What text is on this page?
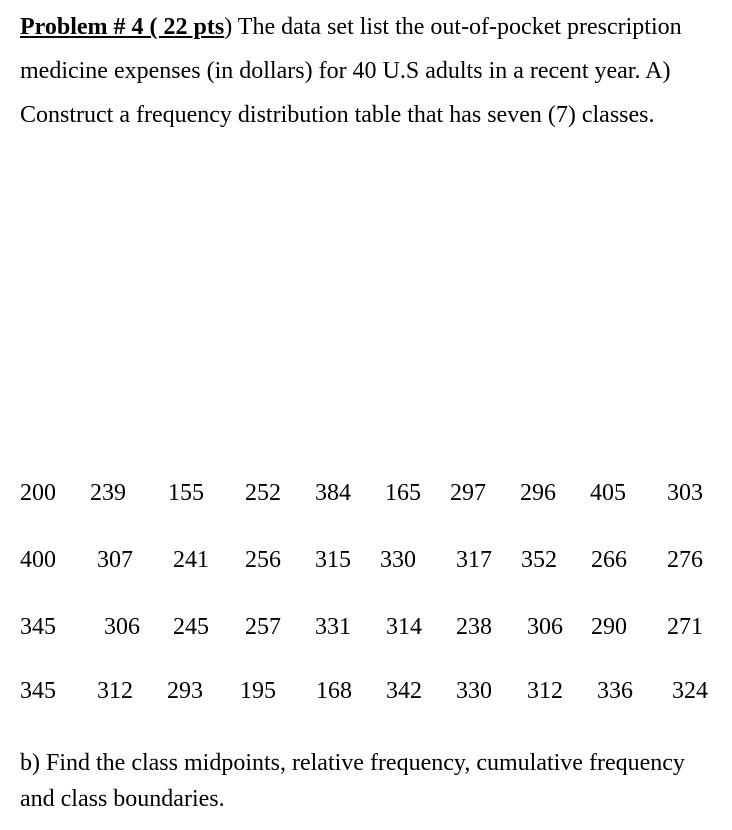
Problem # 4 ( 22 pts) The data set list the out-of-pocket prescription medicine expenses (in dollars) for 40 U.S adults in a recent year. A) Construct a frequency distribution table that has seven (7) classes.
200 239 155 252 384 165 297 296 405 303
400 307 241 256 315 330 317 352 266 276
345 306 245 257 331 314 238 306 290 271
345 312 293 195 168 342 330 312 336 324
b) Find the class midpoints, relative frequency, cumulative frequency and class boundaries.
